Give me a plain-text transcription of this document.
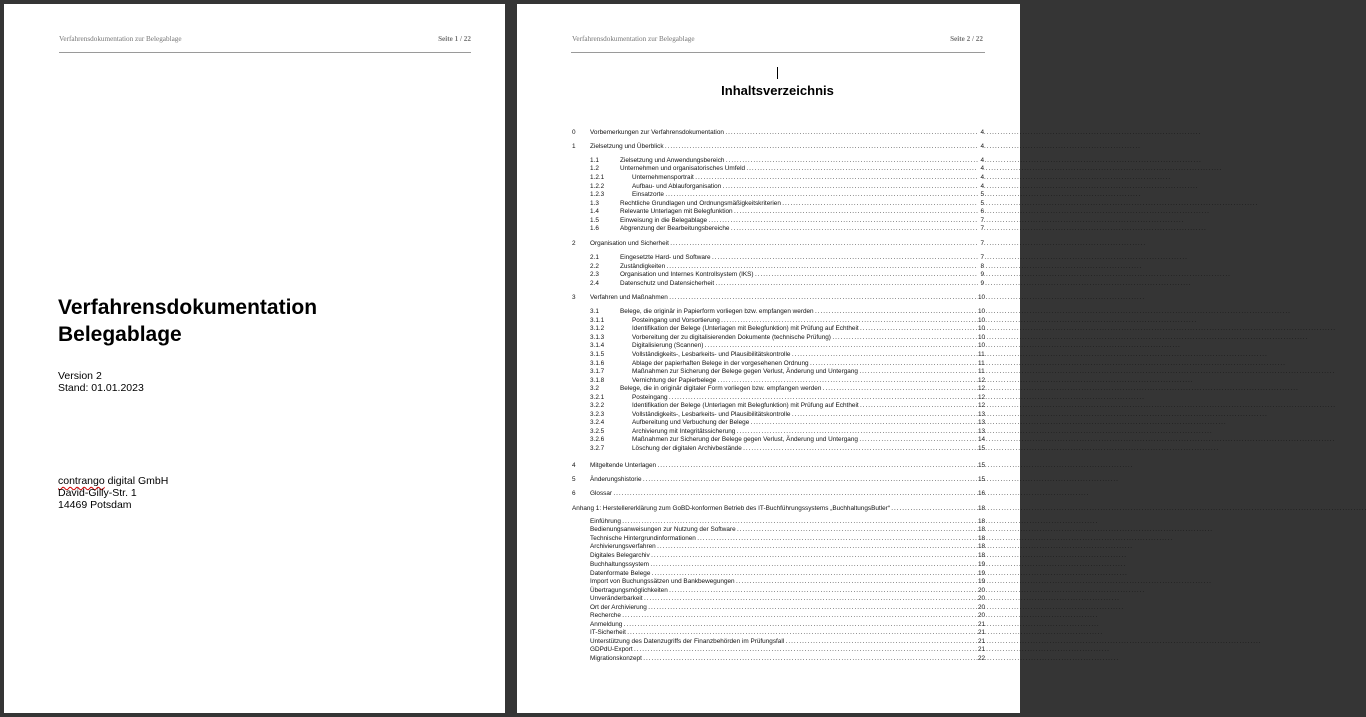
Verfahrensdokumentation zur Belegablage	Seite 1 / 22
Verfahrensdokumentation
Belegablage
Version 2
Stand: 01.01.2023
contrango digital GmbH
David-Gilly-Str. 1
14469 Potsdam
Verfahrensdokumentation zur Belegablage	Seite 2 / 22
Inhaltsverzeichnis
0 Vorbemerkungen zur Verfahrensdokumentation . . .	4
1 Zielsetzung und Überblick . . .	4
1.1	Zielsetzung und Anwendungsbereich . . .	4
1.2	Unternehmen und organisatorisches Umfeld . . .	4
1.2.1	Unternehmensportrait . . .	4
1.2.2	Aufbau- und Ablauforganisation . . .	4
1.2.3	Einsatzorte . . .	5
1.3	Rechtliche Grundlagen und Ordnungsmäßigkeitskriterien . . .	5
1.4	Relevante Unterlagen mit Belegfunktion . . .	6
1.5	Einweisung in die Belegablage . . .	7
1.6	Abgrenzung der Bearbeitungsbereiche . . .	7
2 Organisation und Sicherheit . . .	7
2.1	Eingesetzte Hard- und Software . . .	7
2.2	Zuständigkeiten . . .	8
2.3	Organisation und Internes Kontrollsystem (IKS) . . .	9
2.4	Datenschutz und Datensicherheit . . .	9
3 Verfahren und Maßnahmen . . .	10
3.1	Belege, die originär in Papierform vorliegen bzw. empfangen werden . . .	10
3.1.1	Posteingang und Vorsortierung . . .	10
3.1.2	Identifikation der Belege (Unterlagen mit Belegfunktion) mit Prüfung auf Echtheit . . .	10
3.1.3	Vorbereitung der zu digitalisierenden Dokumente (technische Prüfung) . . .	10
3.1.4	Digitalisierung (Scannen) . . .	10
3.1.5	Vollständigkeits-, Lesbarkeits- und Plausibilitätskontrolle . . .	11
3.1.6	Ablage der papierhaften Belege in der vorgesehenen Ordnung . . .	11
3.1.7	Maßnahmen zur Sicherung der Belege gegen Verlust, Änderung und Untergang . . .	11
3.1.8	Vernichtung der Papierbelege . . .	12
3.2	Belege, die in originär digitaler Form vorliegen bzw. empfangen werden . . .	12
3.2.1	Posteingang . . .	12
3.2.2	Identifikation der Belege (Unterlagen mit Belegfunktion) mit Prüfung auf Echtheit . . .	12
3.2.3	Vollständigkeits-, Lesbarkeits- und Plausibilitätskontrolle . . .	13
3.2.4	Aufbereitung und Verbuchung der Belege . . .	13
3.2.5	Archivierung mit Integritätssicherung . . .	13
3.2.6	Maßnahmen zur Sicherung der Belege gegen Verlust, Änderung und Untergang . . .	14
3.2.7	Löschung der digitalen Archivbestände . . .	15
4 Mitgeltende Unterlagen . . .	15
5 Änderungshistorie . . .	15
6 Glossar . . .	16
Anhang 1: Herstellererklärung zum GoBD-konformen Betrieb des IT-Buchführungssystems „BuchhaltungsButler“ . . .	18
Einführung . . .	18
Bedienungsanweisungen zur Nutzung der Software . . .	18
Technische Hintergrundinformationen . . .	18
Archivierungsverfahren . . .	18
Digitales Belegarchiv . . .	18
Buchhaltungssystem . . .	19
Datenformate Belege . . .	19
Import von Buchungssätzen und Bankbewegungen . . .	19
Übertragungsmöglichkeiten . . .	20
Unveränderbarkeit . . .	20
Ort der Archivierung . . .	20
Recherche . . .	20
Anmeldung . . .	21
IT-Sicherheit . . .	21
Unterstützung des Datenzugriffs der Finanzbehörden im Prüfungsfall . . .	21
GDPdU-Export . . .	21
Migrationskonzept . . .	22
